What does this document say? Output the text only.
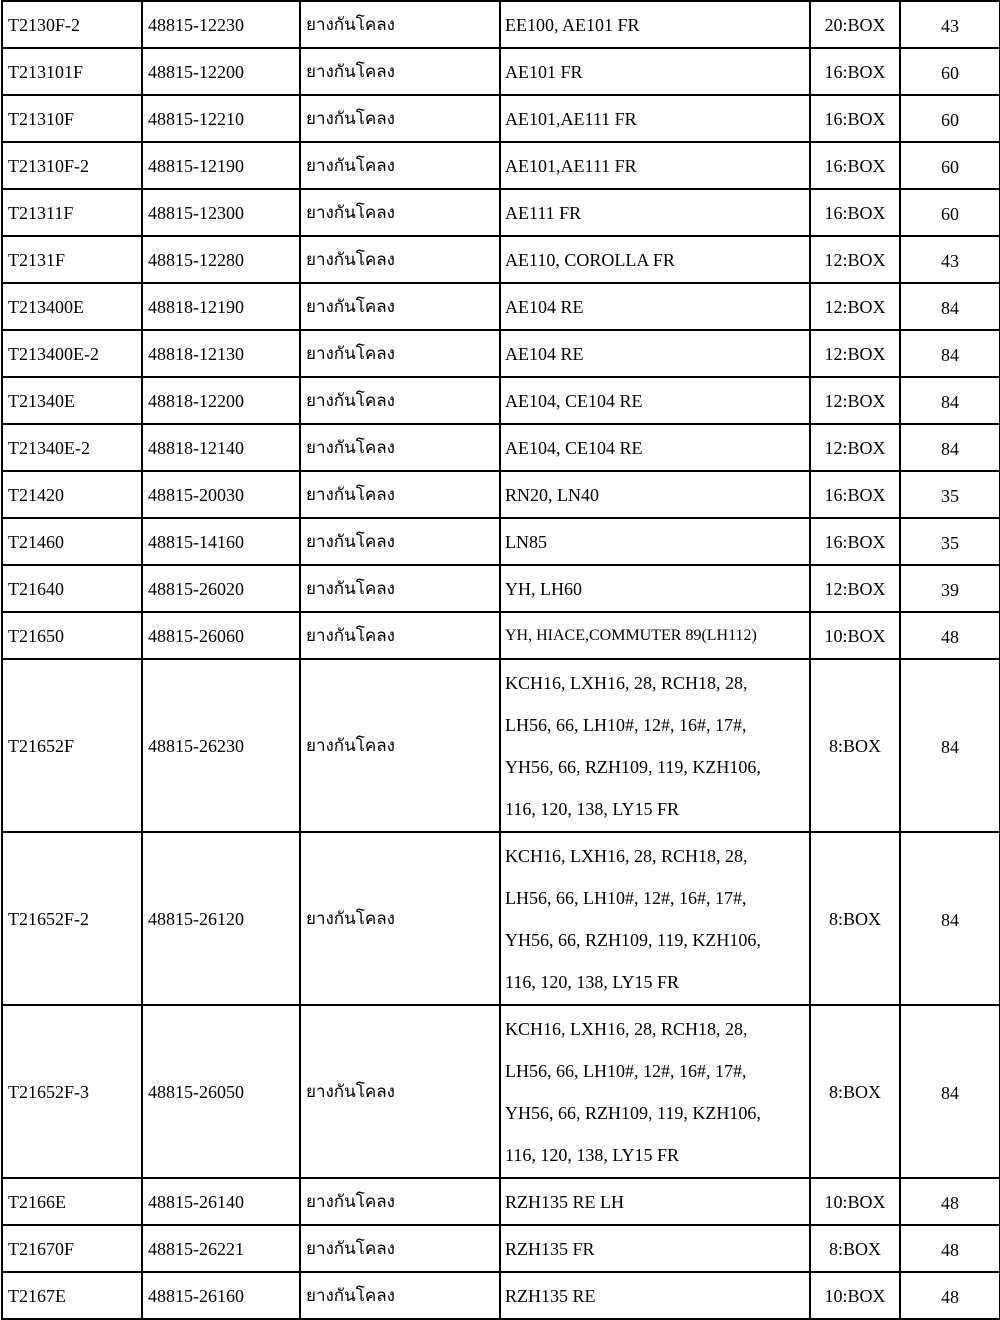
T2130F-2	48815-12230	ยางกันโคลง	EE100, AE101 FR	20:BOX	43
T213101F	48815-12200	ยางกันโคลง	AE101 FR	16:BOX	60
T21310F	48815-12210	ยางกันโคลง	AE101,AE111 FR	16:BOX	60
T21310F-2	48815-12190	ยางกันโคลง	AE101,AE111 FR	16:BOX	60
T21311F	48815-12300	ยางกันโคลง	AE111 FR	16:BOX	60
T2131F	48815-12280	ยางกันโคลง	AE110, COROLLA FR	12:BOX	43
T213400E	48818-12190	ยางกันโคลง	AE104 RE	12:BOX	84
T213400E-2	48818-12130	ยางกันโคลง	AE104 RE	12:BOX	84
T21340E	48818-12200	ยางกันโคลง	AE104, CE104 RE	12:BOX	84
T21340E-2	48818-12140	ยางกันโคลง	AE104, CE104 RE	12:BOX	84
T21420	48815-20030	ยางกันโคลง	RN20, LN40	16:BOX	35
T21460	48815-14160	ยางกันโคลง	LN85	16:BOX	35
T21640	48815-26020	ยางกันโคลง	YH, LH60	12:BOX	39
T21650	48815-26060	ยางกันโคลง	YH, HIACE,COMMUTER 89(LH112)	10:BOX	48
T21652F	48815-26230	ยางกันโคลง	KCH16, LXH16, 28, RCH18, 28,
LH56, 66, LH10#, 12#, 16#, 17#,
YH56, 66, RZH109, 119, KZH106,
116, 120, 138, LY15 FR	8:BOX	84
T21652F-2	48815-26120	ยางกันโคลง	KCH16, LXH16, 28, RCH18, 28,
LH56, 66, LH10#, 12#, 16#, 17#,
YH56, 66, RZH109, 119, KZH106,
116, 120, 138, LY15 FR	8:BOX	84
T21652F-3	48815-26050	ยางกันโคลง	KCH16, LXH16, 28, RCH18, 28,
LH56, 66, LH10#, 12#, 16#, 17#,
YH56, 66, RZH109, 119, KZH106,
116, 120, 138, LY15 FR	8:BOX	84
T2166E	48815-26140	ยางกันโคลง	RZH135 RE LH	10:BOX	48
T21670F	48815-26221	ยางกันโคลง	RZH135 FR	8:BOX	48
T2167E	48815-26160	ยางกันโคลง	RZH135 RE	10:BOX	48
